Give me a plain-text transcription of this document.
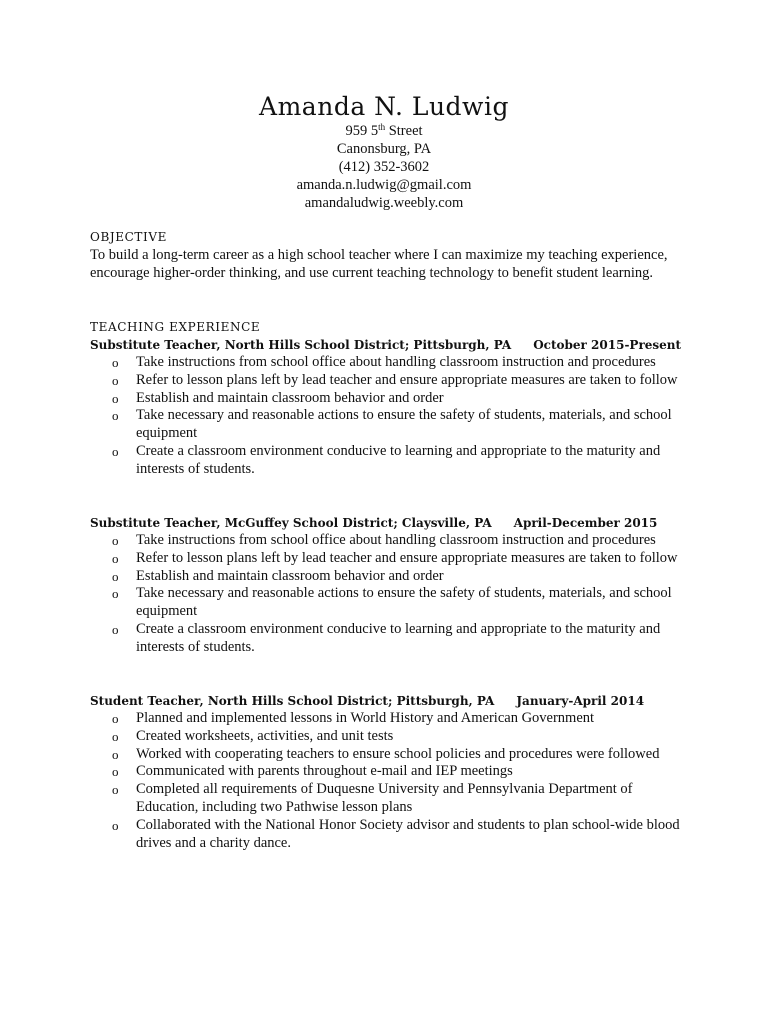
Amanda N. Ludwig
959 5th Street
Canonsburg, PA
(412) 352-3602
amanda.n.ludwig@gmail.com
amandaludwig.weebly.com
OBJECTIVE
To build a long-term career as a high school teacher where I can maximize my teaching experience, encourage higher-order thinking, and use current teaching technology to benefit student learning.
TEACHING EXPERIENCE
Substitute Teacher, North Hills School District; Pittsburgh, PA October 2015-Present
o Take instructions from school office about handling classroom instruction and procedures
o Refer to lesson plans left by lead teacher and ensure appropriate measures are taken to follow
o Establish and maintain classroom behavior and order
o Take necessary and reasonable actions to ensure the safety of students, materials, and school equipment
o Create a classroom environment conducive to learning and appropriate to the maturity and interests of students.
Substitute Teacher, McGuffey School District; Claysville, PA April-December 2015
o Take instructions from school office about handling classroom instruction and procedures
o Refer to lesson plans left by lead teacher and ensure appropriate measures are taken to follow
o Establish and maintain classroom behavior and order
o Take necessary and reasonable actions to ensure the safety of students, materials, and school equipment
o Create a classroom environment conducive to learning and appropriate to the maturity and interests of students.
Student Teacher, North Hills School District; Pittsburgh, PA January-April 2014
o Planned and implemented lessons in World History and American Government
o Created worksheets, activities, and unit tests
o Worked with cooperating teachers to ensure school policies and procedures were followed
o Communicated with parents throughout e-mail and IEP meetings
o Completed all requirements of Duquesne University and Pennsylvania Department of Education, including two Pathwise lesson plans
o Collaborated with the National Honor Society advisor and students to plan school-wide blood drives and a charity dance.
